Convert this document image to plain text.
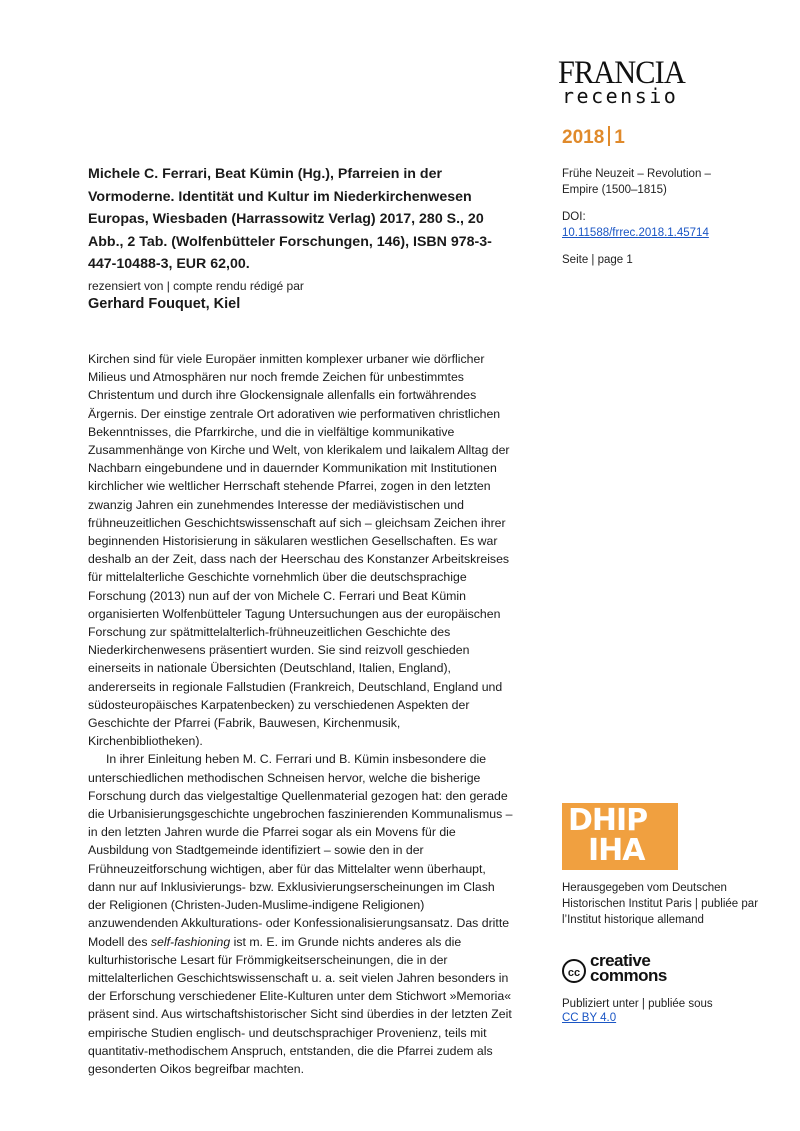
FRANCIA
recensio
2018 1
Frühe Neuzeit – Revolution – Empire (1500–1815)
DOI:
10.11588/frrec.2018.1.45714
Seite | page 1
Michele C. Ferrari, Beat Kümin (Hg.), Pfarreien in der Vormoderne. Identität und Kultur im Niederkirchenwesen Europas, Wiesbaden (Harrassowitz Verlag) 2017, 280 S., 20 Abb., 2 Tab. (Wolfenbütteler Forschungen, 146), ISBN 978-3-447-10488-3, EUR 62,00.
rezensiert von | compte rendu rédigé par
Gerhard Fouquet, Kiel

Kirchen sind für viele Europäer inmitten komplexer urbaner wie dörflicher Milieus und Atmosphären nur noch fremde Zeichen für unbestimmtes Christentum und durch ihre Glockensignale allenfalls ein fortwährendes Ärgernis. Der einstige zentrale Ort adorativen wie performativen christlichen Bekenntnisses, die Pfarrkirche, und die in vielfältige kommunikative Zusammenhänge von Kirche und Welt, von klerikalem und laikalem Alltag der Nachbarn eingebundene und in dauernder Kommunikation mit Institutionen kirchlicher wie weltlicher Herrschaft stehende Pfarrei, zogen in den letzten zwanzig Jahren ein zunehmendes Interesse der mediävistischen und frühneuzeitlichen Geschichtswissenschaft auf sich – gleichsam Zeichen ihrer beginnenden Historisierung in säkularen westlichen Gesellschaften. Es war deshalb an der Zeit, dass nach der Heerschau des Konstanzer Arbeitskreises für mittelalterliche Geschichte vornehmlich über die deutschsprachige Forschung (2013) nun auf der von Michele C. Ferrari und Beat Kümin organisierten Wolfenbütteler Tagung Untersuchungen aus der europäischen Forschung zur spätmittelalterlich-frühneuzeitlichen Geschichte des Niederkirchenwesens präsentiert wurden. Sie sind reizvoll geschieden einerseits in nationale Übersichten (Deutschland, Italien, England), andererseits in regionale Fallstudien (Frankreich, Deutschland, England und südosteuropäisches Karpatenbecken) zu verschiedenen Aspekten der Geschichte der Pfarrei (Fabrik, Bauwesen, Kirchenmusik, Kirchenbibliotheken).

In ihrer Einleitung heben M. C. Ferrari und B. Kümin insbesondere die unterschiedlichen methodischen Schneisen hervor, welche die bisherige Forschung durch das vielgestaltige Quellenmaterial gezogen hat: den gerade die Urbanisierungsgeschichte ungebrochen faszinierenden Kommunalismus – in den letzten Jahren wurde die Pfarrei sogar als ein Movens für die Ausbildung von Stadtgemeinde identifiziert – sowie den in der Frühneuzeitforschung wichtigen, aber für das Mittelalter wenn überhaupt, dann nur auf Inklusivierungs- bzw. Exklusivierungserscheinungen im Clash der Religionen (Christen-Juden-Muslime-indigene Religionen) anzuwendenden Akkulturations- oder Konfessionalisierungsansatz. Das dritte Modell des self-fashioning ist m. E. im Grunde nichts anderes als die kulturhistorische Lesart für Frömmigkeitserscheinungen, die in der mittelalterlichen Geschichtswissenschaft u. a. seit vielen Jahren besonders in der Erforschung verschiedener Elite-Kulturen unter dem Stichwort »Memoria« präsent sind. Aus wirtschaftshistorischer Sicht sind überdies in der letzten Zeit empirische Studien englisch- und deutschsprachiger Provenienz, teils mit quantitativ-methodischem Anspruch, entstanden, die die Pfarrei zudem als gesonderten Oikos begreifbar machten.

DHIP
IHA
Herausgegeben vom Deutschen Historischen Institut Paris | publiée par l’Institut historique allemand
cc
creative
commons
Publiziert unter | publiée sous
CC BY 4.0
